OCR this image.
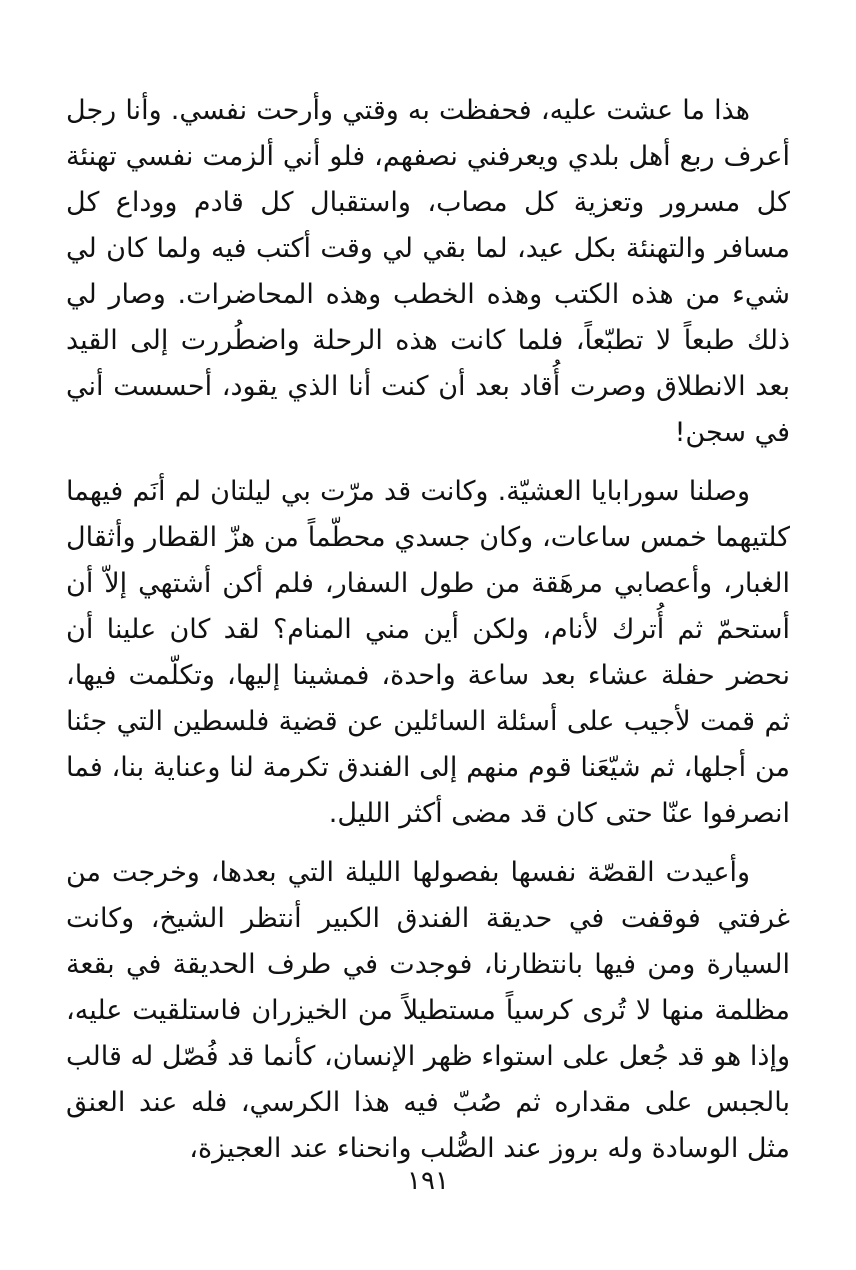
هذا ما عشت عليه، فحفظت به وقتي وأرحت نفسي. وأنا رجل أعرف ربع أهل بلدي ويعرفني نصفهم، فلو أني ألزمت نفسي تهنئة كل مسرور وتعزية كل مصاب، واستقبال كل قادم ووداع كل مسافر والتهنئة بكل عيد، لما بقي لي وقت أكتب فيه ولما كان لي شيء من هذه الكتب وهذه الخطب وهذه المحاضرات. وصار لي ذلك طبعاً لا تطبّعاً، فلما كانت هذه الرحلة واضطُررت إلى القيد بعد الانطلاق وصرت أُقاد بعد أن كنت أنا الذي يقود، أحسست أني في سجن!

وصلنا سورابايا العشيّة. وكانت قد مرّت بي ليلتان لم أنَم فيهما كلتيهما خمس ساعات، وكان جسدي محطّماً من هزّ القطار وأثقال الغبار، وأعصابي مرهَقة من طول السفار، فلم أكن أشتهي إلاّ أن أستحمّ ثم أُترك لأنام، ولكن أين مني المنام؟ لقد كان علينا أن نحضر حفلة عشاء بعد ساعة واحدة، فمشينا إليها، وتكلّمت فيها، ثم قمت لأجيب على أسئلة السائلين عن قضية فلسطين التي جئنا من أجلها، ثم شيّعَنا قوم منهم إلى الفندق تكرمة لنا وعناية بنا، فما انصرفوا عنّا حتى كان قد مضى أكثر الليل.

وأعيدت القصّة نفسها بفصولها الليلة التي بعدها، وخرجت من غرفتي فوقفت في حديقة الفندق الكبير أنتظر الشيخ، وكانت السيارة ومن فيها بانتظارنا، فوجدت في طرف الحديقة في بقعة مظلمة منها لا تُرى كرسياً مستطيلاً من الخيزران فاستلقيت عليه، وإذا هو قد جُعل على استواء ظهر الإنسان، كأنما قد فُصّل له قالب بالجبس على مقداره ثم صُبّ فيه هذا الكرسي، فله عند العنق مثل الوسادة وله بروز عند الصُّلب وانحناء عند العجيزة،

١٩١
